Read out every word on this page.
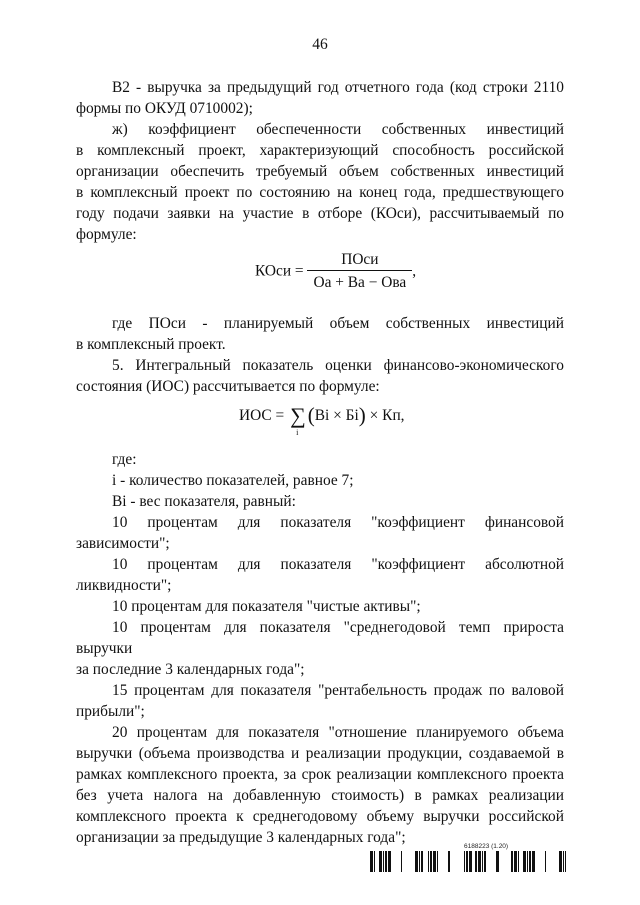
46

В2 - выручка за предыдущий год отчетного года (код строки 2110

формы по ОКУД 0710002);

ж) коэффициент обеспеченности собственных инвестиций

в комплексный проект, характеризующий способность российской

организации обеспечить требуемый объем собственных инвестиций

в комплексный проект по состоянию на конец года, предшествующего

году подачи заявки на участие в отборе (КОси), рассчитываемый по

формуле:

КОси = $\frac{\text{ПОси}}{\text{Оа + Ва − Ова}}$ ,

где ПОси - планируемый объем собственных инвестиций

в комплексный проект.

5. Интегральный показатель оценки финансово-экономического

состояния (ИОС) рассчитывается по формуле:

ИОС = ∑
i
(Вi × Бi) × Кп,

где:

i - количество показателей, равное 7;

Вi - вес показателя, равный:

10 процентам для показателя "коэффициент финансовой

зависимости";

10 процентам для показателя "коэффициент абсолютной

ликвидности";

10 процентам для показателя "чистые активы";

10 процентам для показателя "среднегодовой темп прироста выручки

за последние 3 календарных года";

15 процентам для показателя "рентабельность продаж по валовой

прибыли";

20 процентам для показателя "отношение планируемого объема

выручки (объема производства и реализации продукции, создаваемой в

рамках комплексного проекта, за срок реализации комплексного проекта

без учета налога на добавленную стоимость) в рамках реализации

комплексного проекта к среднегодовому объему выручки российской

организации за предыдущие 3 календарных года";

6188223 (1.20)
